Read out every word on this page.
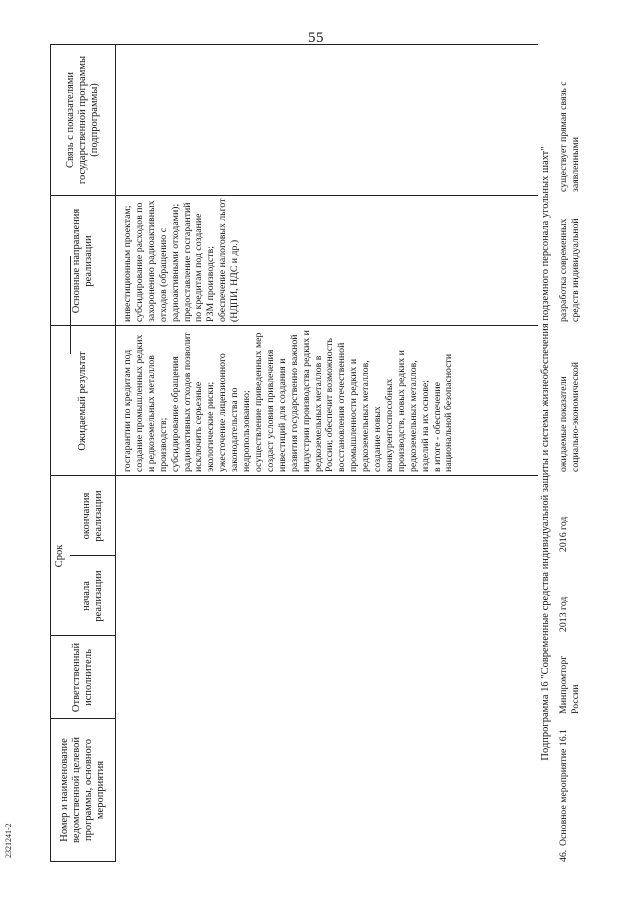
55
Номер и наименование ведомственной целевой программы, основного мероприятия
Ответственный исполнитель
Срок
начала реализации
окончания реализации
Ожидаемый результат
Основные направления реализации
Связь с показателями государственной программы (подпрограммы)
госгарантии по кредитам под создание промышленных редких и редкоземельных металлов производств;
субсидирование обращения радиоактивных отходов позволит исключить серьезные экологические риски;
ужесточение лицензионного законодательства по недропользованию;
осуществление приведенных мер создаст условия привлечения инвестиций для создания и развития государственно важной индустрии производства редких и редкоземельных металлов в России; обеспечит возможность восстановления отечественной промышленности редких и редкоземельных металлов, создание новых конкурентоспособных производств, новых редких и редкоземельных металлов, изделий на их основе;
в итоге - обеспечение национальной безопасности
инвестиционным проектам;
субсидирование расходов по захоронению радиоактивных отходов (обращению с радиоактивными отходами);
предоставление госгарантий по кредитам под создание РЗМ производств;
обеспечение налоговых льгот (НДПИ, НДС и др.)	Подпрограмма 16 "Современные средства индивидуальной защиты и системы жизнеобеспечения подземного персонала угольных шахт"
46.
Основное мероприятие 16.1
Минпромторг России
2013 год
2016 год
ожидаемые показатели социально-экономической
разработка современных средств индивидуальной
существует прямая связь с заявленными
2321241-2
